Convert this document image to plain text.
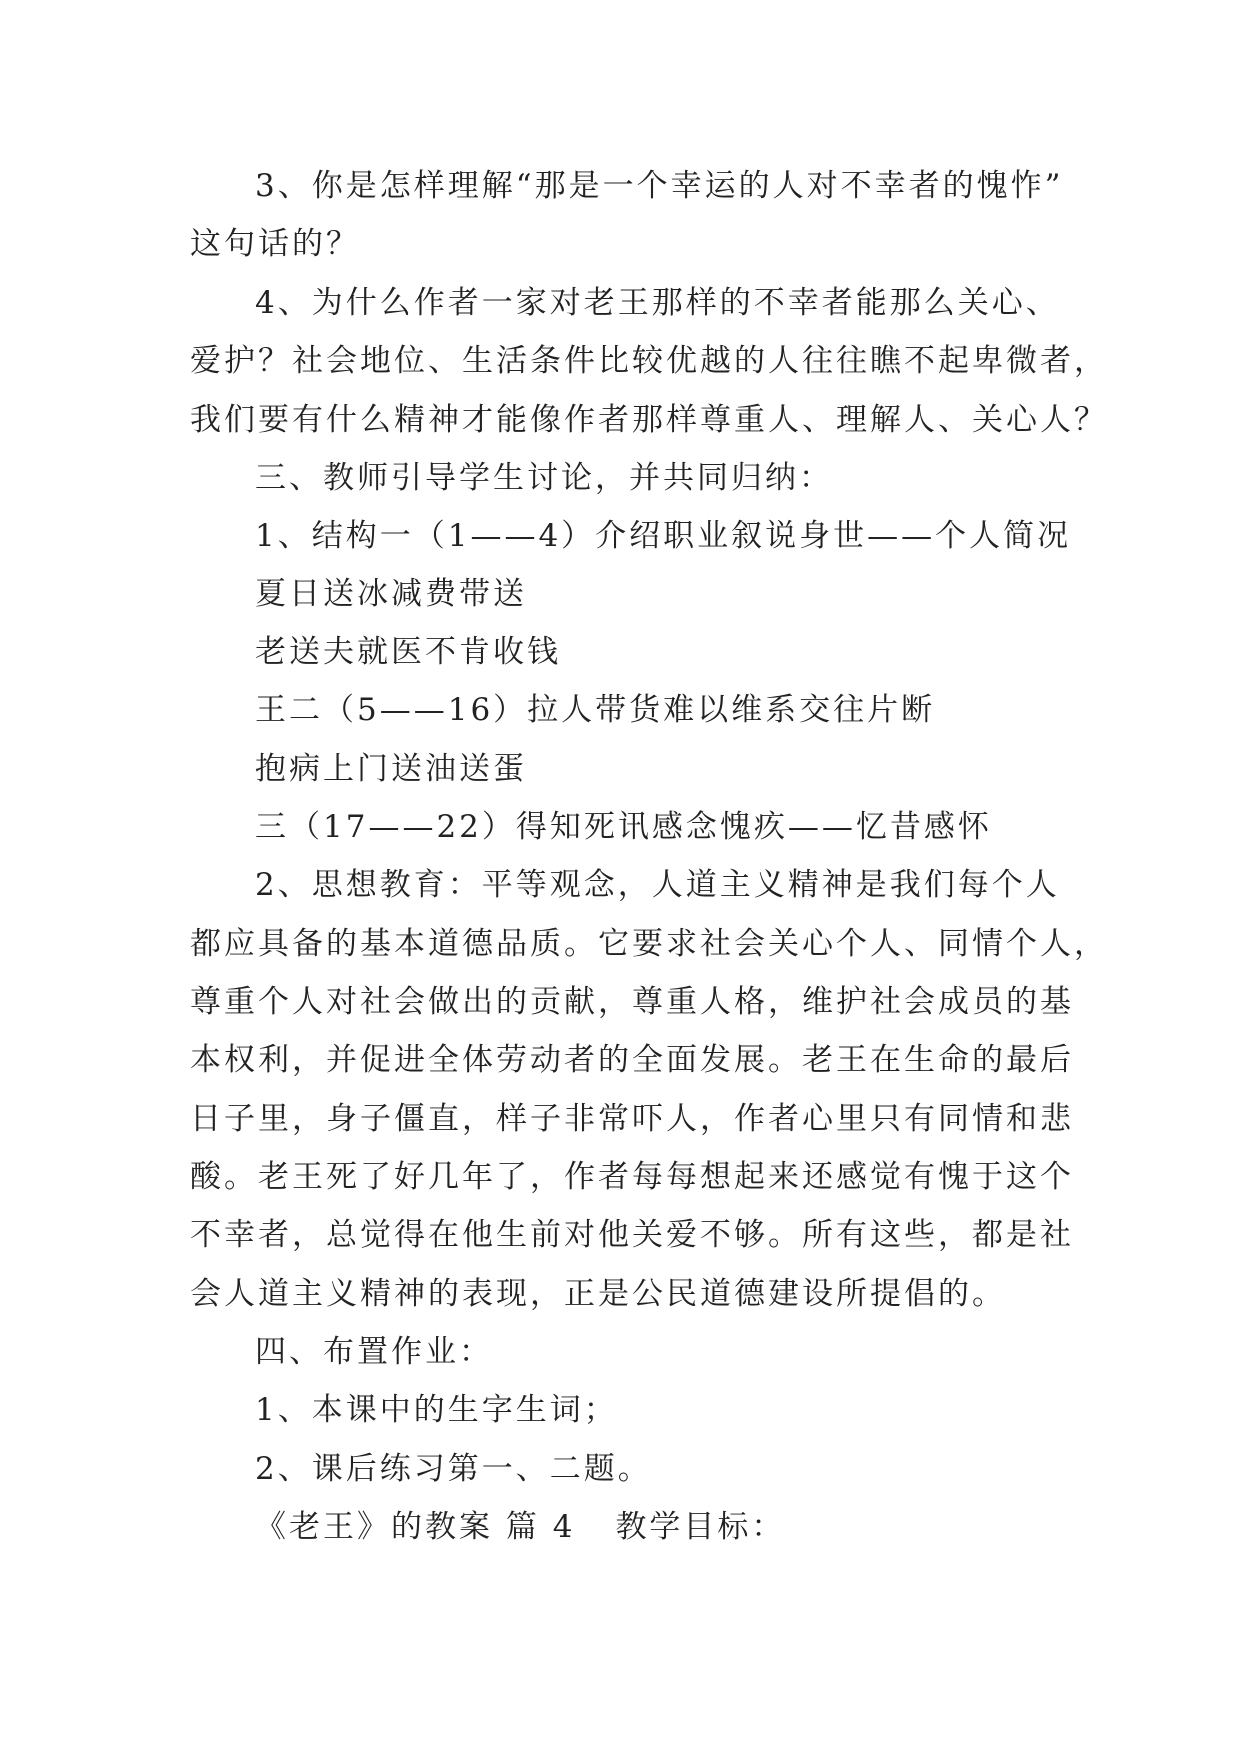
3、你是怎样理解“那是一个幸运的人对不幸者的愧怍”
这句话的？
4、为什么作者一家对老王那样的不幸者能那么关心、
爱护？社会地位、生活条件比较优越的人往往瞧不起卑微者，
我们要有什么精神才能像作者那样尊重人、理解人、关心人？
三、教师引导学生讨论，并共同归纳：
1、结构一（1——4）介绍职业叙说身世——个人简况
夏日送冰减费带送
老送夫就医不肯收钱
王二（5——16）拉人带货难以维系交往片断
抱病上门送油送蛋
三（17——22）得知死讯感念愧疚——忆昔感怀
2、思想教育：平等观念，人道主义精神是我们每个人
都应具备的基本道德品质。它要求社会关心个人、同情个人，
尊重个人对社会做出的贡献，尊重人格，维护社会成员的基
本权利，并促进全体劳动者的全面发展。老王在生命的最后
日子里，身子僵直，样子非常吓人，作者心里只有同情和悲
酸。老王死了好几年了，作者每每想起来还感觉有愧于这个
不幸者，总觉得在他生前对他关爱不够。所有这些，都是社
会人道主义精神的表现，正是公民道德建设所提倡的。
四、布置作业：
1、本课中的生字生词；
2、课后练习第一、二题。
《老王》的教案 篇 4 教学目标：
